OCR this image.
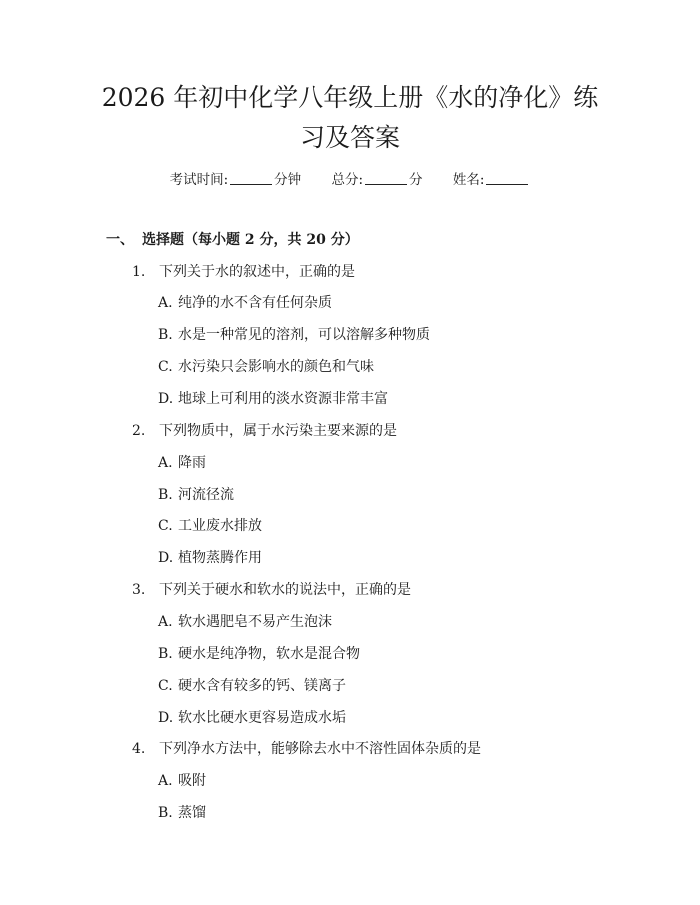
2026 年初中化学八年级上册《水的净化》练
习及答案
考试时间:	分钟 总分:	分 姓名:
一、 选择题（每小题 2 分，共 20 分）
1. 下列关于水的叙述中，正确的是
A. 纯净的水不含有任何杂质
B. 水是一种常见的溶剂，可以溶解多种物质
C. 水污染只会影响水的颜色和气味
D. 地球上可利用的淡水资源非常丰富
2. 下列物质中，属于水污染主要来源的是
A. 降雨
B. 河流径流
C. 工业废水排放
D. 植物蒸腾作用
3. 下列关于硬水和软水的说法中，正确的是
A. 软水遇肥皂不易产生泡沫
B. 硬水是纯净物，软水是混合物
C. 硬水含有较多的钙、镁离子
D. 软水比硬水更容易造成水垢
4. 下列净水方法中，能够除去水中不溶性固体杂质的是
A. 吸附
B. 蒸馏
